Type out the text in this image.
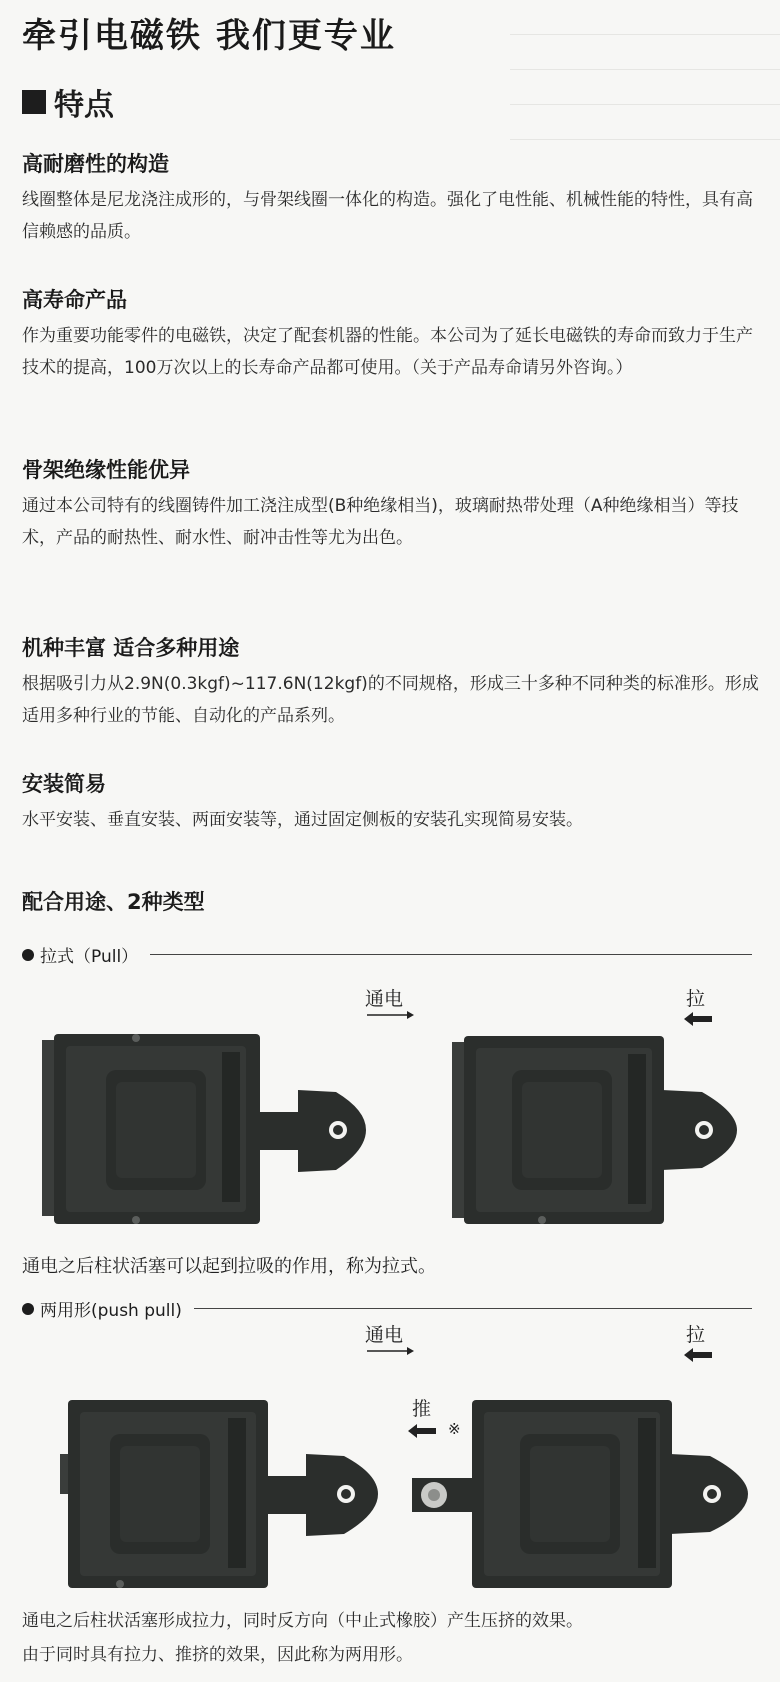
牵引电磁铁 我们更专业
特点
高耐磨性的构造

线圈整体是尼龙浇注成形的，与骨架线圈一体化的构造。强化了电性能、机械性能的特性，具有高信赖感的品质。

高寿命产品

作为重要功能零件的电磁铁，决定了配套机器的性能。本公司为了延长电磁铁的寿命而致力于生产技术的提高，100万次以上的长寿命产品都可使用。（关于产品寿命请另外咨询。）

骨架绝缘性能优异

通过本公司特有的线圈铸件加工浇注成型(B种绝缘相当)，玻璃耐热带处理（A种绝缘相当）等技术，产品的耐热性、耐水性、耐冲击性等尤为出色。

机种丰富 适合多种用途

根据吸引力从2.9N(0.3kgf)~117.6N(12kgf)的不同规格，形成三十多种不同种类的标准形。形成适用多种行业的节能、自动化的产品系列。

安装简易

水平安装、垂直安装、两面安装等，通过固定侧板的安装孔实现简易安装。

配合用途、2种类型
拉式（Pull）
通电	拉
通电之后柱状活塞可以起到拉吸的作用，称为拉式。
两用形(push pull)
通电	拉
推
※
通电之后柱状活塞形成拉力，同时反方向（中止式橡胶）产生压挤的效果。
由于同时具有拉力、推挤的效果，因此称为两用形。
